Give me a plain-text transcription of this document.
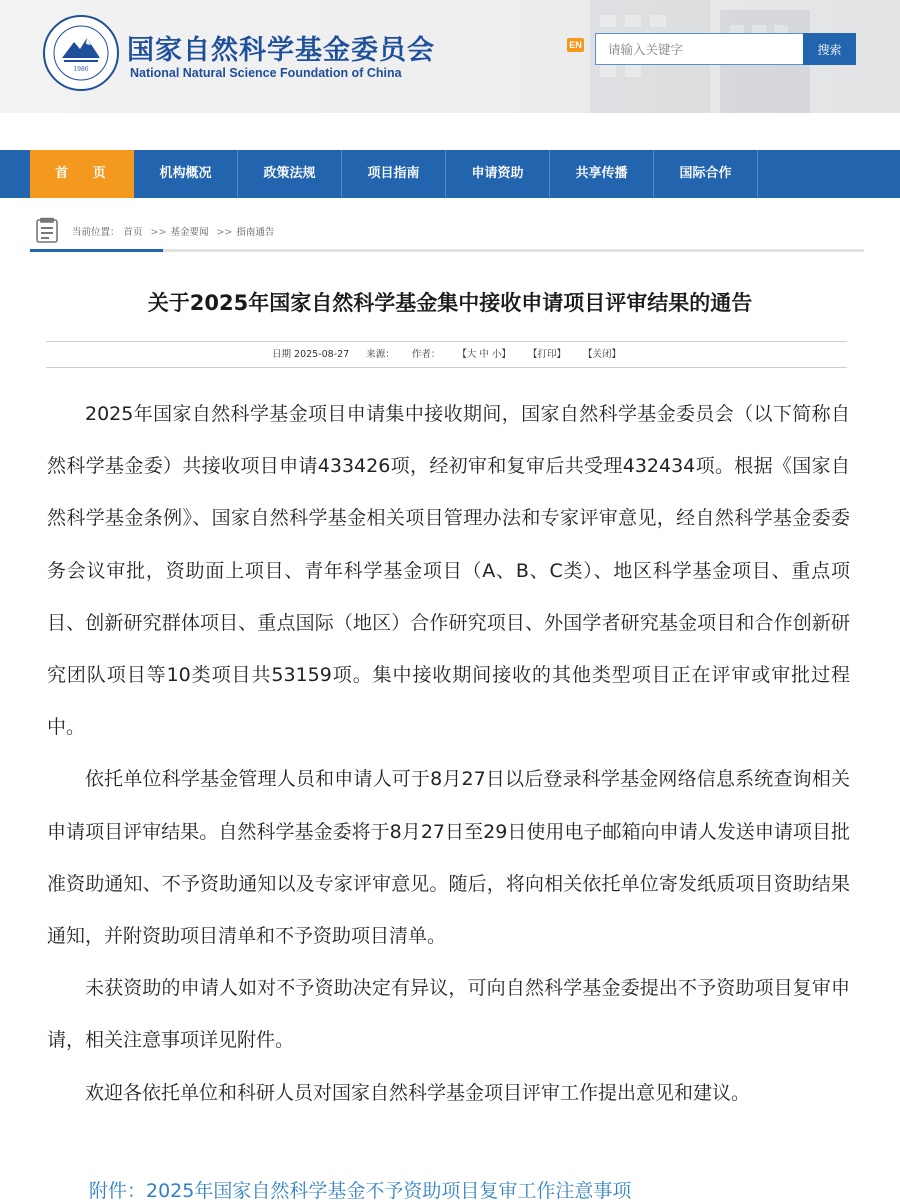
1986
国家自然科学基金委员会
National Natural Science Foundation of China
EN
请输入关键字	搜索
首 页	机构概况	政策法规	项目指南	申请资助	共享传播	国际合作
当前位置： 首页 >> 基金要闻 >> 指南通告
关于2025年国家自然科学基金集中接收申请项目评审结果的通告
日期 2025-08-27 来源： 作者： 【大 中 小】 【打印】 【关闭】

2025年国家自然科学基金项目申请集中接收期间，国家自然科学基金委员会（以下简称自然科学基金委）共接收项目申请433426项，经初审和复审后共受理432434项。根据《国家自然科学基金条例》、国家自然科学基金相关项目管理办法和专家评审意见，经自然科学基金委委务会议审批，资助面上项目、青年科学基金项目（A、B、C类）、地区科学基金项目、重点项目、创新研究群体项目、重点国际（地区）合作研究项目、外国学者研究基金项目和合作创新研究团队项目等10类项目共53159项。集中接收期间接收的其他类型项目正在评审或审批过程中。

依托单位科学基金管理人员和申请人可于8月27日以后登录科学基金网络信息系统查询相关申请项目评审结果。自然科学基金委将于8月27日至29日使用电子邮箱向申请人发送申请项目批准资助通知、不予资助通知以及专家评审意见。随后，将向相关依托单位寄发纸质项目资助结果通知，并附资助项目清单和不予资助项目清单。

未获资助的申请人如对不予资助决定有异议，可向自然科学基金委提出不予资助项目复审申请，相关注意事项详见附件。

欢迎各依托单位和科研人员对国家自然科学基金项目评审工作提出意见和建议。

附件：2025年国家自然科学基金不予资助项目复审工作注意事项
